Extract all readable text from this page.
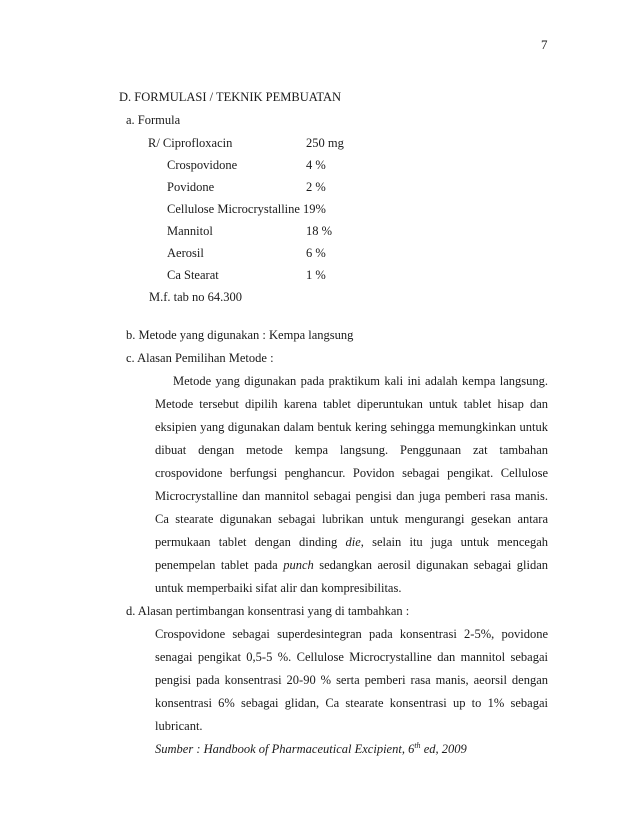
7
D. FORMULASI / TEKNIK PEMBUATAN
a. Formula
R/ Ciprofloxacin	250 mg
Crospovidone	4 %
Povidone	2 %
Cellulose Microcrystalline 19%
Mannitol	18 %
Aerosil	6 %
Ca Stearat	1 %
M.f. tab no 64.300
b. Metode yang digunakan : Kempa langsung
c. Alasan Pemilihan Metode :
Metode yang digunakan pada praktikum kali ini adalah kempa langsung.
Metode tersebut dipilih karena tablet diperuntukan untuk tablet hisap dan
eksipien yang digunakan dalam bentuk kering sehingga memungkinkan untuk
dibuat dengan metode kempa langsung. Penggunaan zat tambahan
crospovidone berfungsi penghancur. Povidon sebagai pengikat. Cellulose
Microcrystalline dan mannitol sebagai pengisi dan juga pemberi rasa manis.
Ca stearate digunakan sebagai lubrikan untuk mengurangi gesekan antara
permukaan tablet dengan dinding die, selain itu juga untuk mencegah
penempelan tablet pada punch sedangkan aerosil digunakan sebagai glidan
untuk memperbaiki sifat alir dan kompresibilitas.
d. Alasan pertimbangan konsentrasi yang di tambahkan :
Crospovidone sebagai superdesintegran pada konsentrasi 2-5%, povidone
senagai pengikat 0,5-5 %. Cellulose Microcrystalline dan mannitol sebagai
pengisi pada konsentrasi 20-90 % serta pemberi rasa manis, aeorsil dengan
konsentrasi 6% sebagai glidan, Ca stearate konsentrasi up to 1% sebagai
lubricant.
Sumber : Handbook of Pharmaceutical Excipient, 6th ed, 2009
